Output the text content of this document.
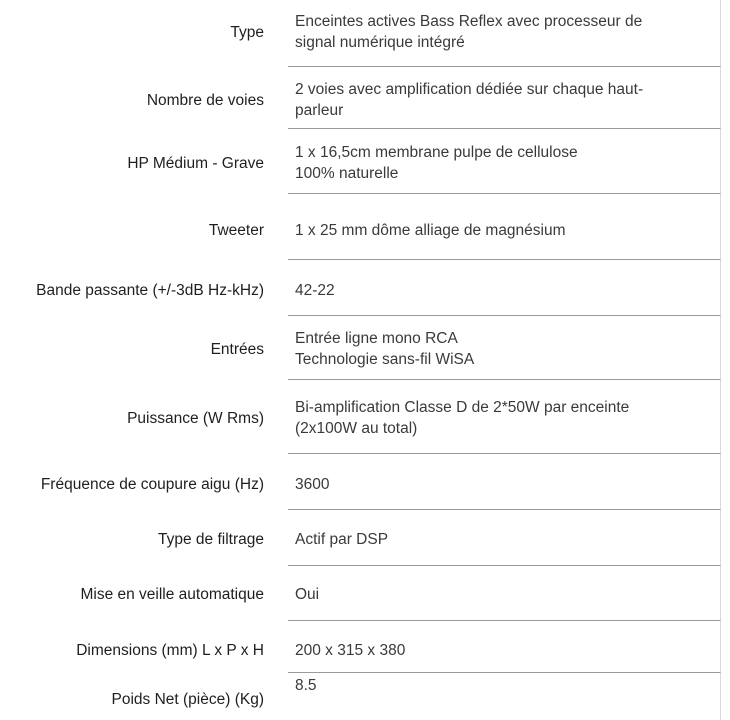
Type
Enceintes actives Bass Reflex avec processeur de
signal numérique intégré
Nombre de voies
2 voies avec amplification dédiée sur chaque haut-
parleur
HP Médium - Grave
1 x 16,5cm membrane pulpe de cellulose
100% naturelle
Tweeter 1 x 25 mm dôme alliage de magnésium
Bande passante (+/-3dB Hz-kHz) 42-22
Entrées
Entrée ligne mono RCA
Technologie sans-fil WiSA
Puissance (W Rms)
Bi-amplification Classe D de 2*50W par enceinte
(2x100W au total)
Fréquence de coupure aigu (Hz) 3600
Type de filtrage Actif par DSP
Mise en veille automatique Oui
Dimensions (mm) L x P x H 200 x 315 x 380
Poids Net (pièce) (Kg)
8.5
